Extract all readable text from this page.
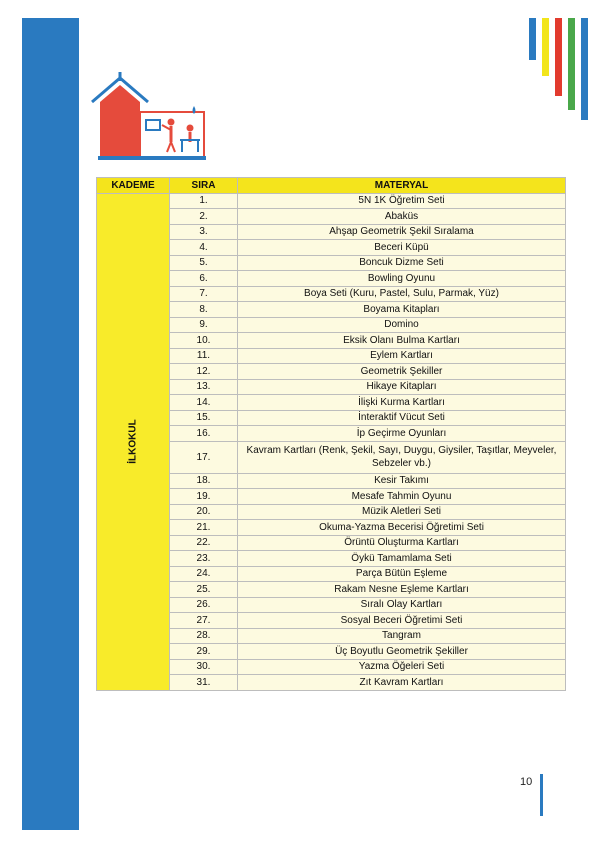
KADEME	SIRA	MATERYAL
İLKOKUL	1.	5N 1K Öğretim Seti
	2.	Abaküs
	3.	Ahşap Geometrik Şekil Sıralama
	4.	Beceri Küpü
	5.	Boncuk Dizme Seti
	6.	Bowling Oyunu
	7.	Boya Seti (Kuru, Pastel, Sulu, Parmak, Yüz)
	8.	Boyama Kitapları
	9.	Domino
	10.	Eksik Olanı Bulma Kartları
	11.	Eylem Kartları
	12.	Geometrik Şekiller
	13.	Hikaye Kitapları
	14.	İlişki Kurma Kartları
	15.	İnteraktif Vücut Seti
	16.	İp Geçirme Oyunları
	17.	Kavram Kartları (Renk, Şekil, Sayı, Duygu, Giysiler, Taşıtlar, Meyveler, Sebzeler vb.)
	18.	Kesir Takımı
	19.	Mesafe Tahmin Oyunu
	20.	Müzik Aletleri Seti
	21.	Okuma-Yazma Becerisi Öğretimi Seti
	22.	Örüntü Oluşturma Kartları
	23.	Öykü Tamamlama Seti
	24.	Parça Bütün Eşleme
	25.	Rakam Nesne Eşleme Kartları
	26.	Sıralı Olay Kartları
	27.	Sosyal Beceri Öğretimi Seti
	28.	Tangram
	29.	Üç Boyutlu Geometrik Şekiller
	30.	Yazma Öğeleri Seti
	31.	Zıt Kavram Kartları
10
